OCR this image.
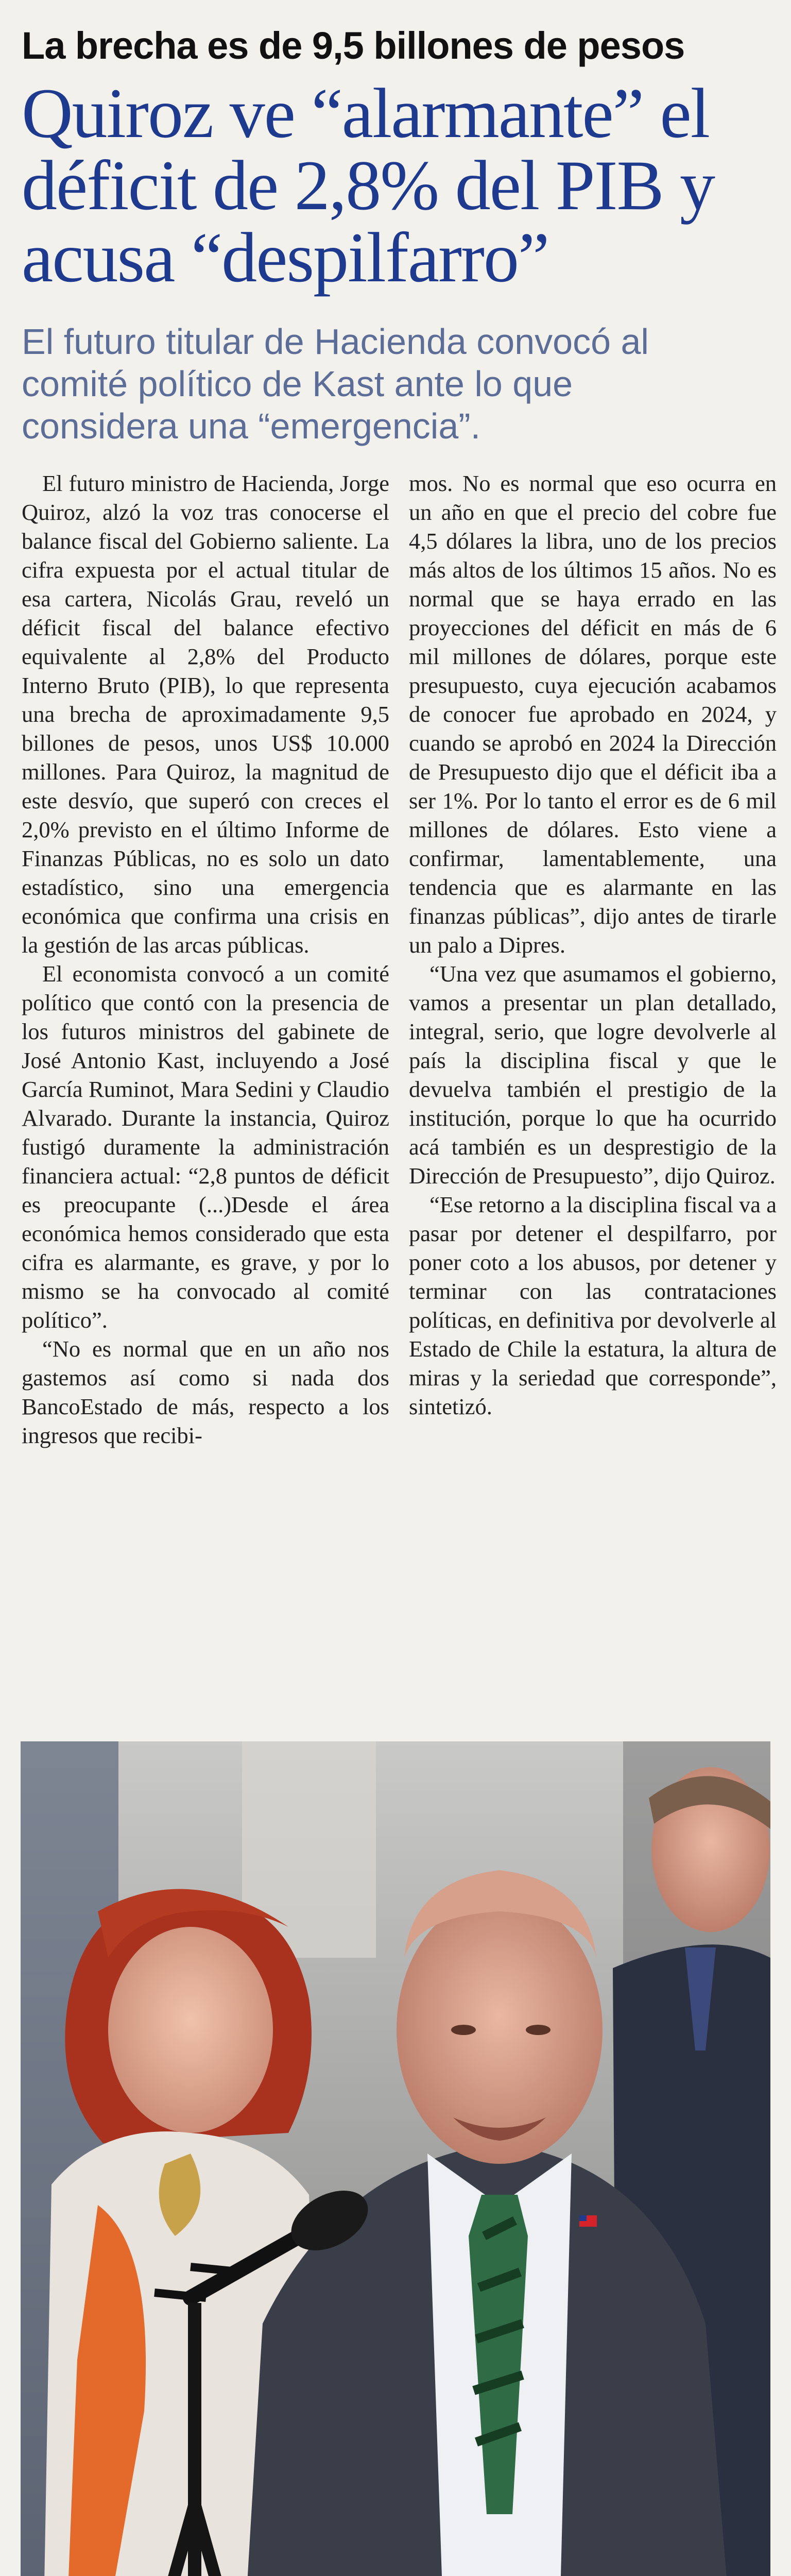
La brecha es de 9,5 billones de pesos
Quiroz ve “alarmante” el
déficit de 2,8% del PIB y
acusa “despilfarro”
El futuro titular de Hacienda convocó al
comité político de Kast ante lo que
considera una “emergencia”.

El futuro ministro de Hacienda, Jorge Quiroz, alzó la voz tras conocerse el balance fiscal del Gobierno saliente. La cifra expuesta por el actual titular de esa cartera, Nicolás Grau, reveló un déficit fiscal del balance efectivo equivalente al 2,8% del Producto Interno Bruto (PIB), lo que representa una brecha de aproximadamente 9,5 billones de pesos, unos US$ 10.000 millones. Para Quiroz, la magnitud de este desvío, que superó con creces el 2,0% previsto en el último Informe de Finanzas Públicas, no es solo un dato estadístico, sino una emergencia económica que confirma una crisis en la gestión de las arcas públicas.

El economista convocó a un comité político que contó con la presencia de los futuros ministros del gabinete de José Antonio Kast, incluyendo a José García Ruminot, Mara Sedini y Claudio Alvarado. Durante la instancia, Quiroz fustigó duramente la administración financiera actual: “2,8 puntos de déficit es preocupante (...)Desde el área económica hemos considerado que esta cifra es alarmante, es grave, y por lo mismo se ha convocado al comité político”.

“No es normal que en un año nos gastemos así como si nada dos BancoEstado de más, respecto a los ingresos que recibi-

mos. No es normal que eso ocurra en un año en que el precio del cobre fue 4,5 dólares la libra, uno de los precios más altos de los últimos 15 años. No es normal que se haya errado en las proyecciones del déficit en más de 6 mil millones de dólares, porque este presupuesto, cuya ejecución acabamos de conocer fue aprobado en 2024, y cuando se aprobó en 2024 la Dirección de Presupuesto dijo que el déficit iba a ser 1%. Por lo tanto el error es de 6 mil millones de dólares. Esto viene a confirmar, lamentablemente, una tendencia que es alarmante en las finanzas públicas”, dijo antes de tirarle un palo a Dipres.

“Una vez que asumamos el gobierno, vamos a presentar un plan detallado, integral, serio, que logre devolverle al país la disciplina fiscal y que le devuelva también el prestigio de la institución, porque lo que ha ocurrido acá también es un desprestigio de la Dirección de Presupuesto”, dijo Quiroz.

“Ese retorno a la disciplina fiscal va a pasar por detener el despilfarro, por poner coto a los abusos, por detener y terminar con las contrataciones políticas, en definitiva por devolverle al Estado de Chile la estatura, la altura de miras y la seriedad que corresponde”, sintetizó.
